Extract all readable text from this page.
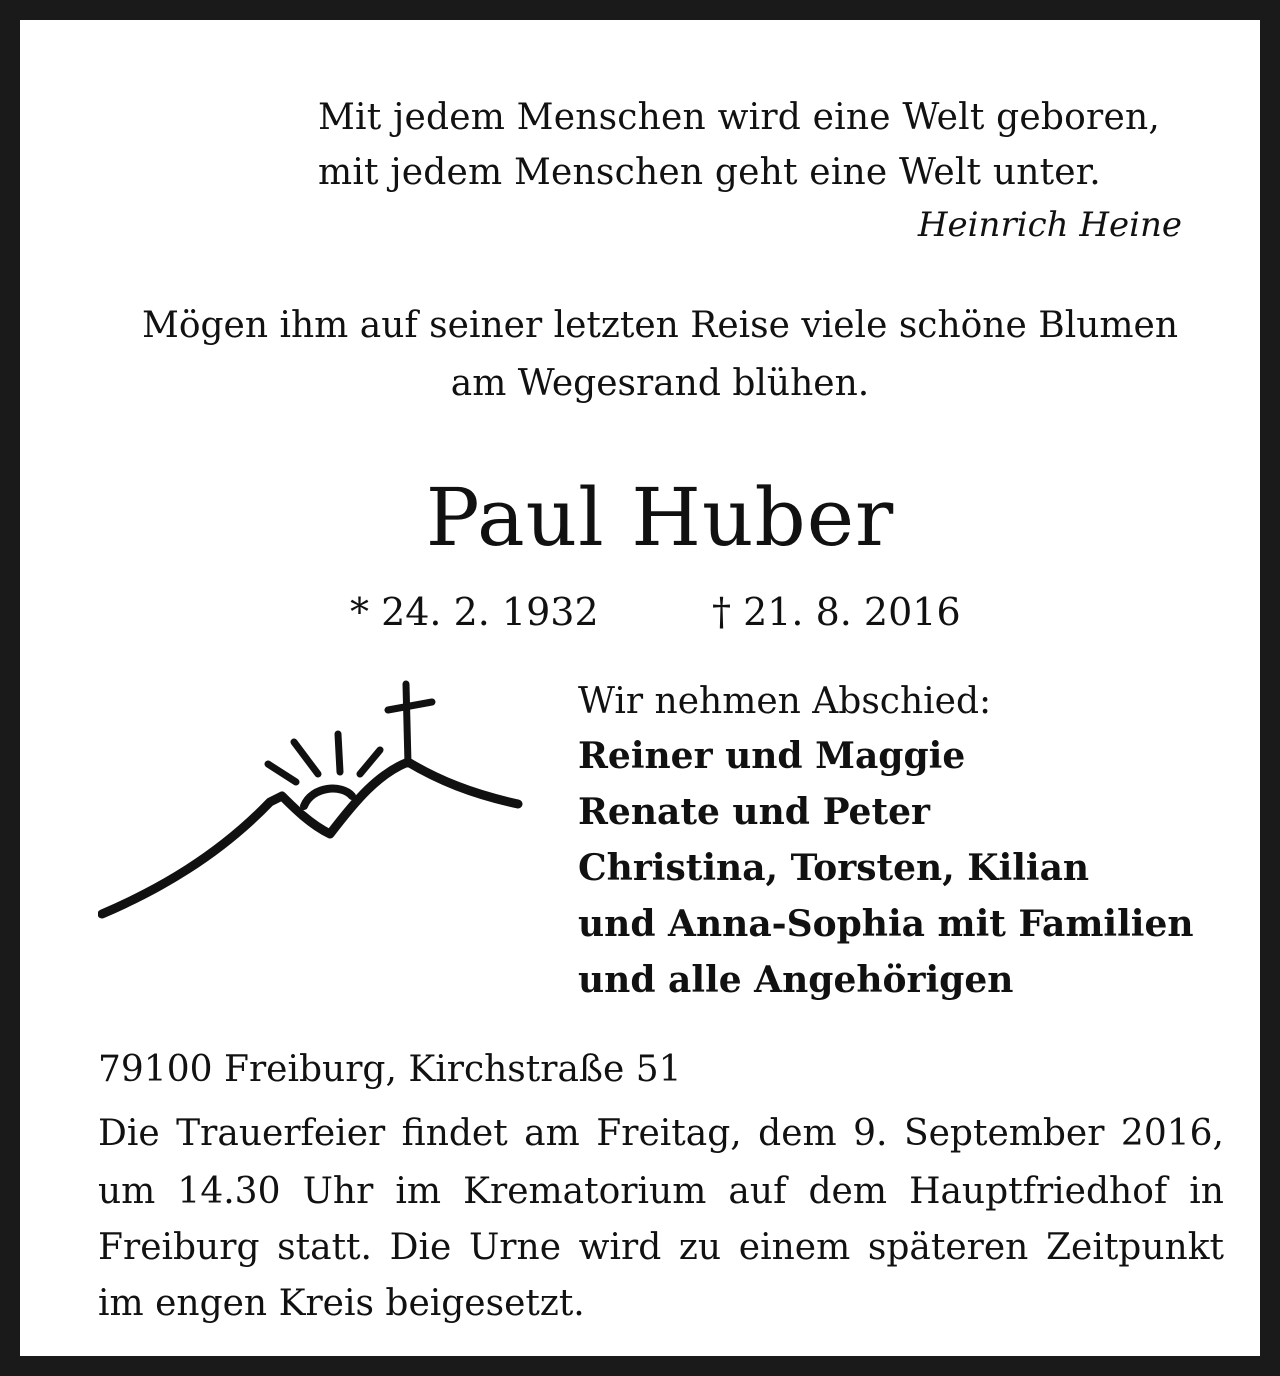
Mit jedem Menschen wird eine Welt geboren,
mit jedem Menschen geht eine Welt unter.
Heinrich Heine
Mögen ihm auf seiner letzten Reise viele schöne Blumen
am Wegesrand blühen.
Paul Huber
* 24. 2. 1932	† 21. 8. 2016
Wir nehmen Abschied:
Reiner und Maggie
Renate und Peter
Christina, Torsten, Kilian
und Anna-Sophia mit Familien
und alle Angehörigen
79100 Freiburg, Kirchstraße 51
Die Trauerfeier findet am Freitag, dem 9. September 2016,
um 14.30 Uhr im Krematorium auf dem Hauptfriedhof in
Freiburg statt. Die Urne wird zu einem späteren Zeitpunkt
im engen Kreis beigesetzt.
